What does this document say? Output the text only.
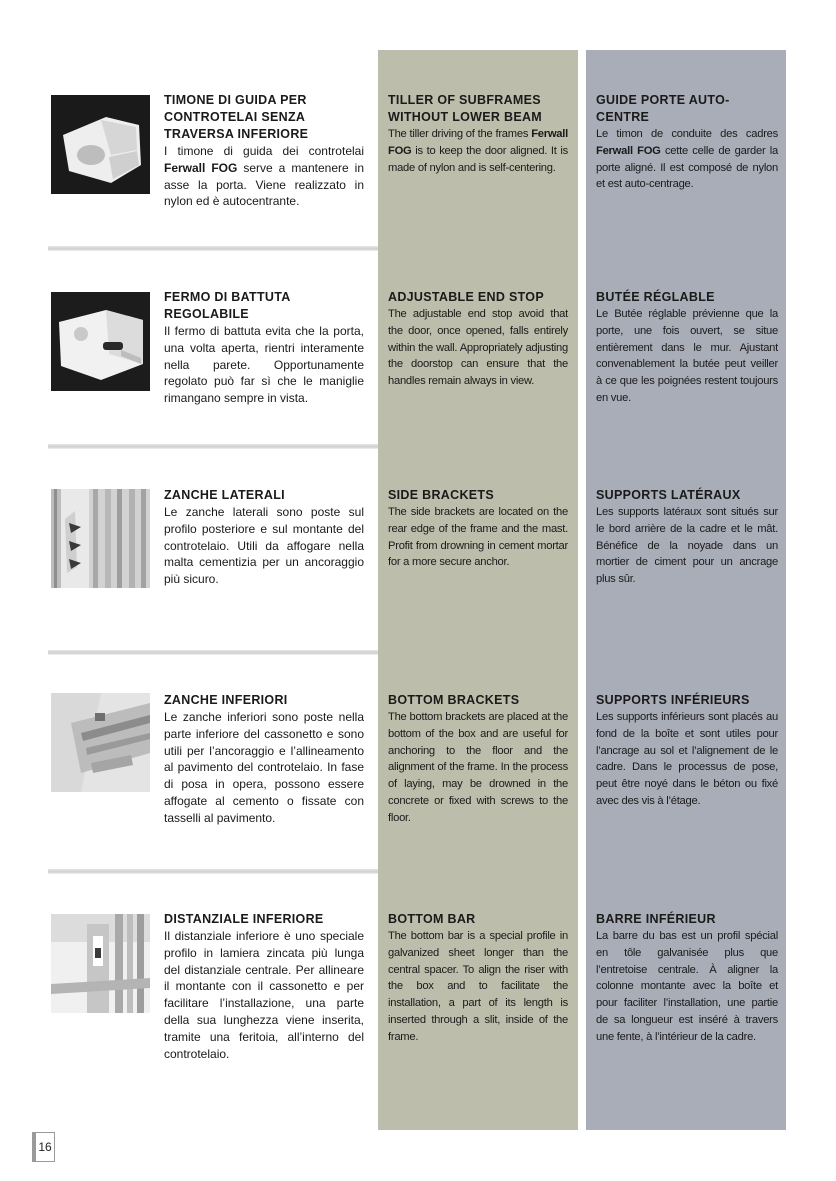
TIMONE DI GUIDA PER CONTROTELAI SENZA TRAVERSA INFERIORE
I timone di guida dei controtelai Ferwall FOG serve a mantenere in asse la porta. Viene realizzato in nylon ed è autocentrante.
TILLER OF SUBFRAMES WITHOUT LOWER BEAM
The tiller driving of the frames Ferwall FOG is to keep the door aligned. It is made of nylon and is self-centering.
GUIDE PORTE AUTO-CENTRE
Le timon de conduite des cadres Ferwall FOG cette celle de garder la porte aligné. Il est composé de nylon et est auto-centrage.
FERMO DI BATTUTA REGOLABILE
Il fermo di battuta evita che la porta, una volta aperta, rientri interamente nella parete. Opportunamente regolato può far sì che le maniglie rimangano sempre in vista.
ADJUSTABLE END STOP
The adjustable end stop avoid that the door, once opened, falls entirely within the wall. Appropriately adjusting the doorstop can ensure that the handles remain always in view.
BUTÉE RÉGLABLE
Le Butée réglable prévienne que la porte, une fois ouvert, se situe entièrement dans le mur. Ajustant convenablement la butée peut veiller à ce que les poignées restent toujours en vue.
ZANCHE LATERALI
Le zanche laterali sono poste sul profilo posteriore e sul montante del controtelaio. Utili da affogare nella malta cementizia per un ancoraggio più sicuro.
SIDE BRACKETS
The side brackets are located on the rear edge of the frame and the mast. Profit from drowning in cement mortar for a more secure anchor.
SUPPORTS LATÉRAUX
Les supports latéraux sont situés sur le bord arrière de la cadre et le mât. Bénéfice de la noyade dans un mortier de ciment pour un ancrage plus sûr.
ZANCHE INFERIORI
Le zanche inferiori sono poste nella parte inferiore del cassonetto e sono utili per l’ancoraggio e l’allineamento al pavimento del controtelaio. In fase di posa in opera, possono essere affogate al cemento o fissate con tasselli al pavimento.
BOTTOM BRACKETS
The bottom brackets are placed at the bottom of the box and are useful for anchoring to the floor and the alignment of the frame. In the process of laying, may be drowned in the concrete or fixed with screws to the floor.
SUPPORTS INFÉRIEURS
Les supports inférieurs sont placés au fond de la boîte et sont utiles pour l’ancrage au sol et l’alignement de le cadre. Dans le processus de pose, peut être noyé dans le béton ou fixé avec des vis à l’étage.
DISTANZIALE INFERIORE
Il distanziale inferiore è uno speciale profilo in lamiera zincata più lunga del distanziale centrale. Per allineare il montante con il cassonetto e per facilitare l’installazione, una parte della sua lunghezza viene inserita, tramite una feritoia, all’interno del controtelaio.
BOTTOM BAR
The bottom bar is a special profile in galvanized sheet longer than the central spacer. To align the riser with the box and to facilitate the installation, a part of its length is inserted through a slit, inside of the frame.
BARRE INFÉRIEUR
La barre du bas est un profil spécial en tôle galvanisée plus que l’entretoise centrale. À aligner la colonne montante avec la boîte et pour faciliter l’installation, une partie de sa longueur est inséré à travers une fente, à l’intérieur de la cadre.
16
